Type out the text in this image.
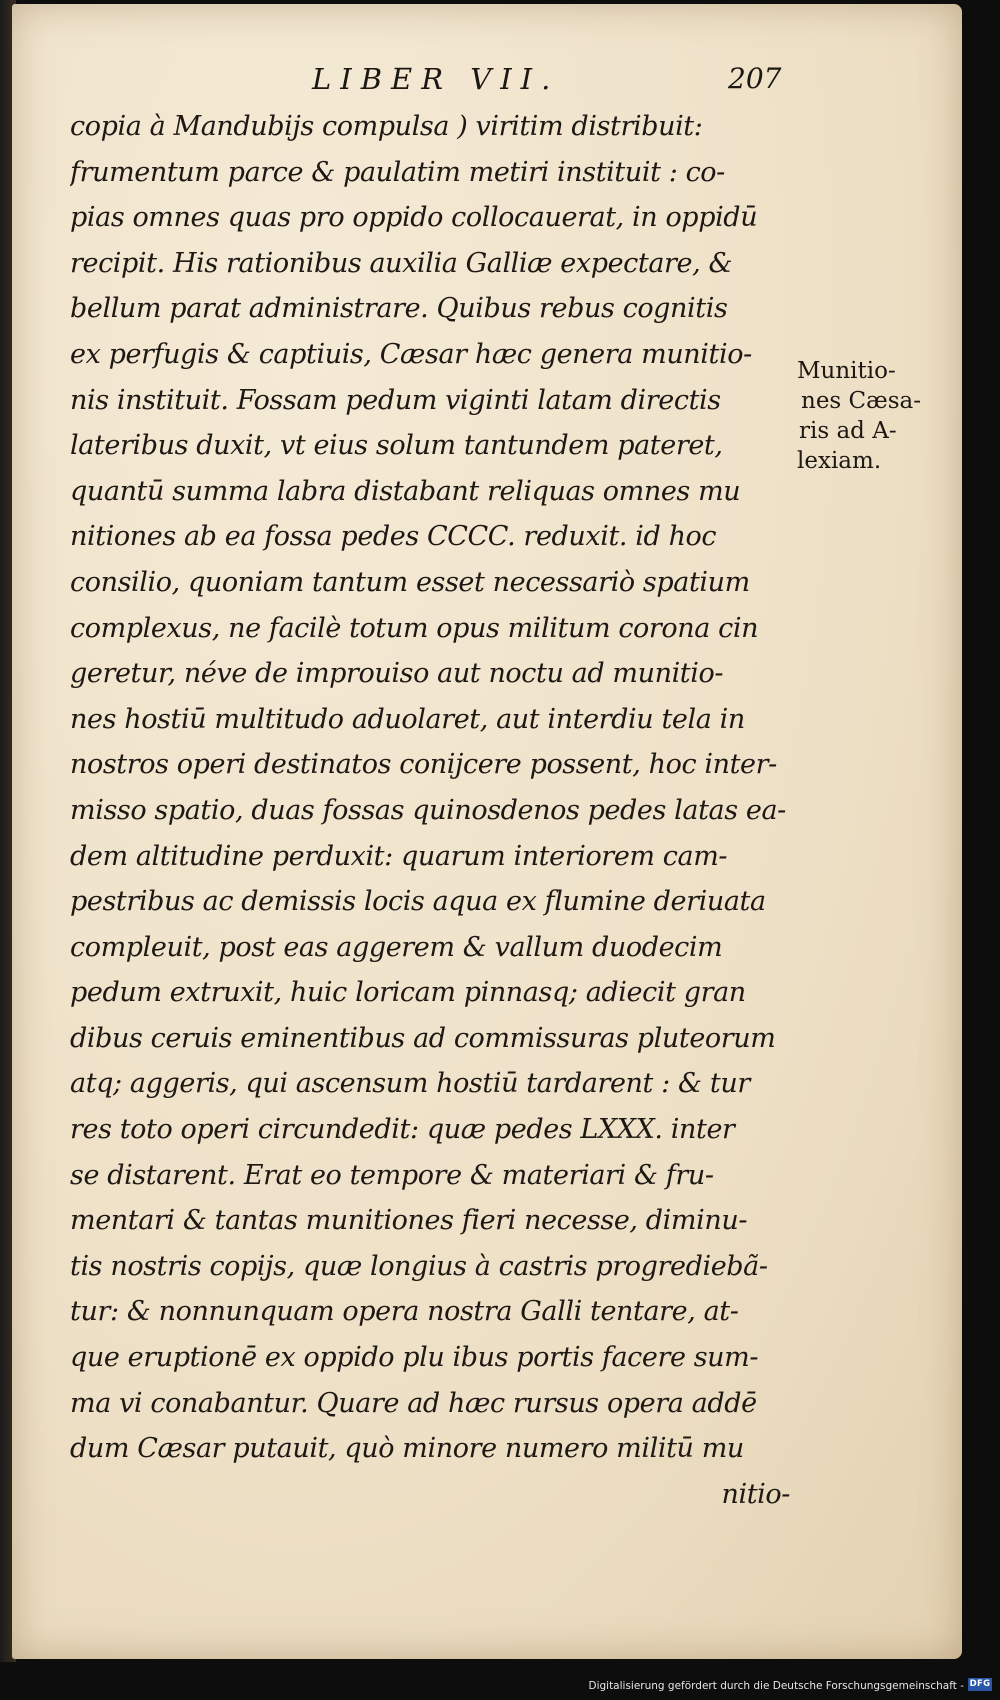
LIBER VII.	207
copia à Mandubijs compulsa ) viritim distribuit:
frumentum parce & paulatim metiri instituit : co-
pias omnes quas pro oppido collocauerat, in oppidū
recipit. His rationibus auxilia Galliæ expectare, &
bellum parat administrare. Quibus rebus cognitis
ex perfugis & captiuis, Cæsar hæc genera munitio-
nis instituit. Fossam pedum viginti latam directis
lateribus duxit, vt eius solum tantundem pateret,
quantū summa labra distabant reliquas omnes mu
nitiones ab ea fossa pedes CCCC. reduxit. id hoc
consilio, quoniam tantum esset necessariò spatium
complexus, ne facilè totum opus militum corona cin
geretur, néve de improuiso aut noctu ad munitio-
nes hostiū multitudo aduolaret, aut interdiu tela in
nostros operi destinatos conijcere possent, hoc inter-
misso spatio, duas fossas quinosdenos pedes latas ea-
dem altitudine perduxit: quarum interiorem cam-
pestribus ac demissis locis aqua ex flumine deriuata
compleuit, post eas aggerem & vallum duodecim
pedum extruxit, huic loricam pinnasq; adiecit gran
dibus ceruis eminentibus ad commissuras pluteorum
atq; aggeris, qui ascensum hostiū tardarent : & tur
res toto operi circundedit: quæ pedes LXXX. inter
se distarent. Erat eo tempore & materiari & fru-
mentari & tantas munitiones fieri necesse, diminu-
tis nostris copijs, quæ longius à castris progrediebã-
tur: & nonnunquam opera nostra Galli tentare, at-
que eruptionē ex oppido plu ibus portis facere sum-
ma vi conabantur. Quare ad hæc rursus opera addē
dum Cæsar putauit, quò minore numero militū mu
nitio-
Munitio-
nes Cæsa-
ris ad A-
lexiam.
Digitalisierung gefördert durch die Deutsche Forschungsgemeinschaft - DFG
